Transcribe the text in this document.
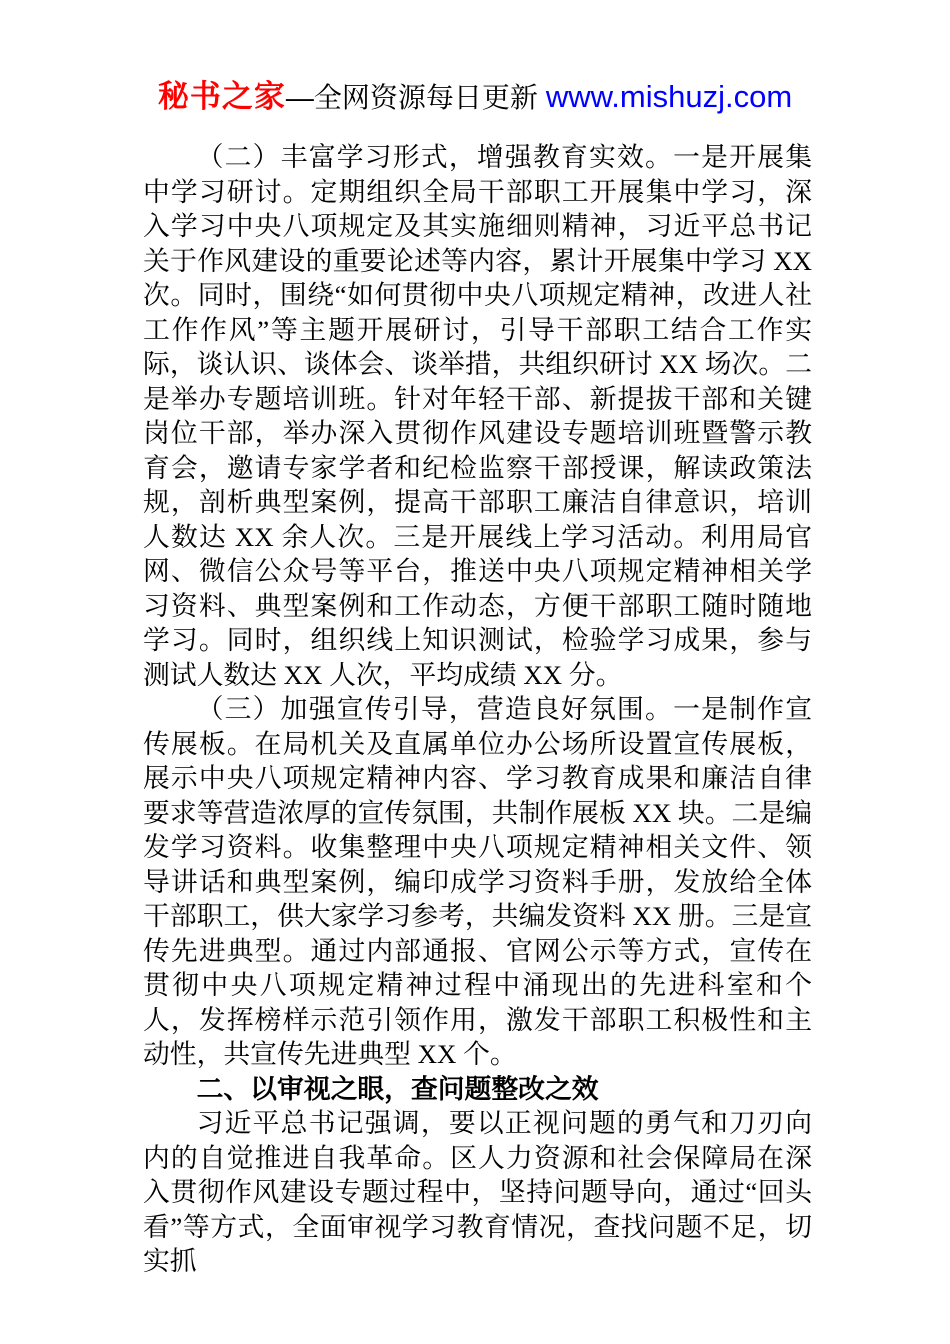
秘书之家—全网资源每日更新 www.mishuzj.com

（二）丰富学习形式，增强教育实效。一是开展集中学习研讨。定期组织全局干部职工开展集中学习，深入学习中央八项规定及其实施细则精神，习近平总书记关于作风建设的重要论述等内容，累计开展集中学习 XX 次。同时，围绕“如何贯彻中央八项规定精神，改进人社工作作风”等主题开展研讨，引导干部职工结合工作实际，谈认识、谈体会、谈举措，共组织研讨 XX 场次。二是举办专题培训班。针对年轻干部、新提拔干部和关键岗位干部，举办深入贯彻作风建设专题培训班暨警示教育会，邀请专家学者和纪检监察干部授课，解读政策法规，剖析典型案例，提高干部职工廉洁自律意识，培训人数达 XX 余人次。三是开展线上学习活动。利用局官网、微信公众号等平台，推送中央八项规定精神相关学习资料、典型案例和工作动态，方便干部职工随时随地学习。同时，组织线上知识测试，检验学习成果，参与测试人数达 XX 人次，平均成绩 XX 分。

（三）加强宣传引导，营造良好氛围。一是制作宣传展板。在局机关及直属单位办公场所设置宣传展板，展示中央八项规定精神内容、学习教育成果和廉洁自律要求等营造浓厚的宣传氛围，共制作展板 XX 块。二是编发学习资料。收集整理中央八项规定精神相关文件、领导讲话和典型案例，编印成学习资料手册，发放给全体干部职工，供大家学习参考，共编发资料 XX 册。三是宣传先进典型。通过内部通报、官网公示等方式，宣传在贯彻中央八项规定精神过程中涌现出的先进科室和个人，发挥榜样示范引领作用，激发干部职工积极性和主动性，共宣传先进典型 XX 个。

二、以审视之眼，查问题整改之效

习近平总书记强调，要以正视问题的勇气和刀刃向内的自觉推进自我革命。区人力资源和社会保障局在深入贯彻作风建设专题过程中，坚持问题导向，通过“回头看”等方式，全面审视学习教育情况，查找问题不足，切实抓
